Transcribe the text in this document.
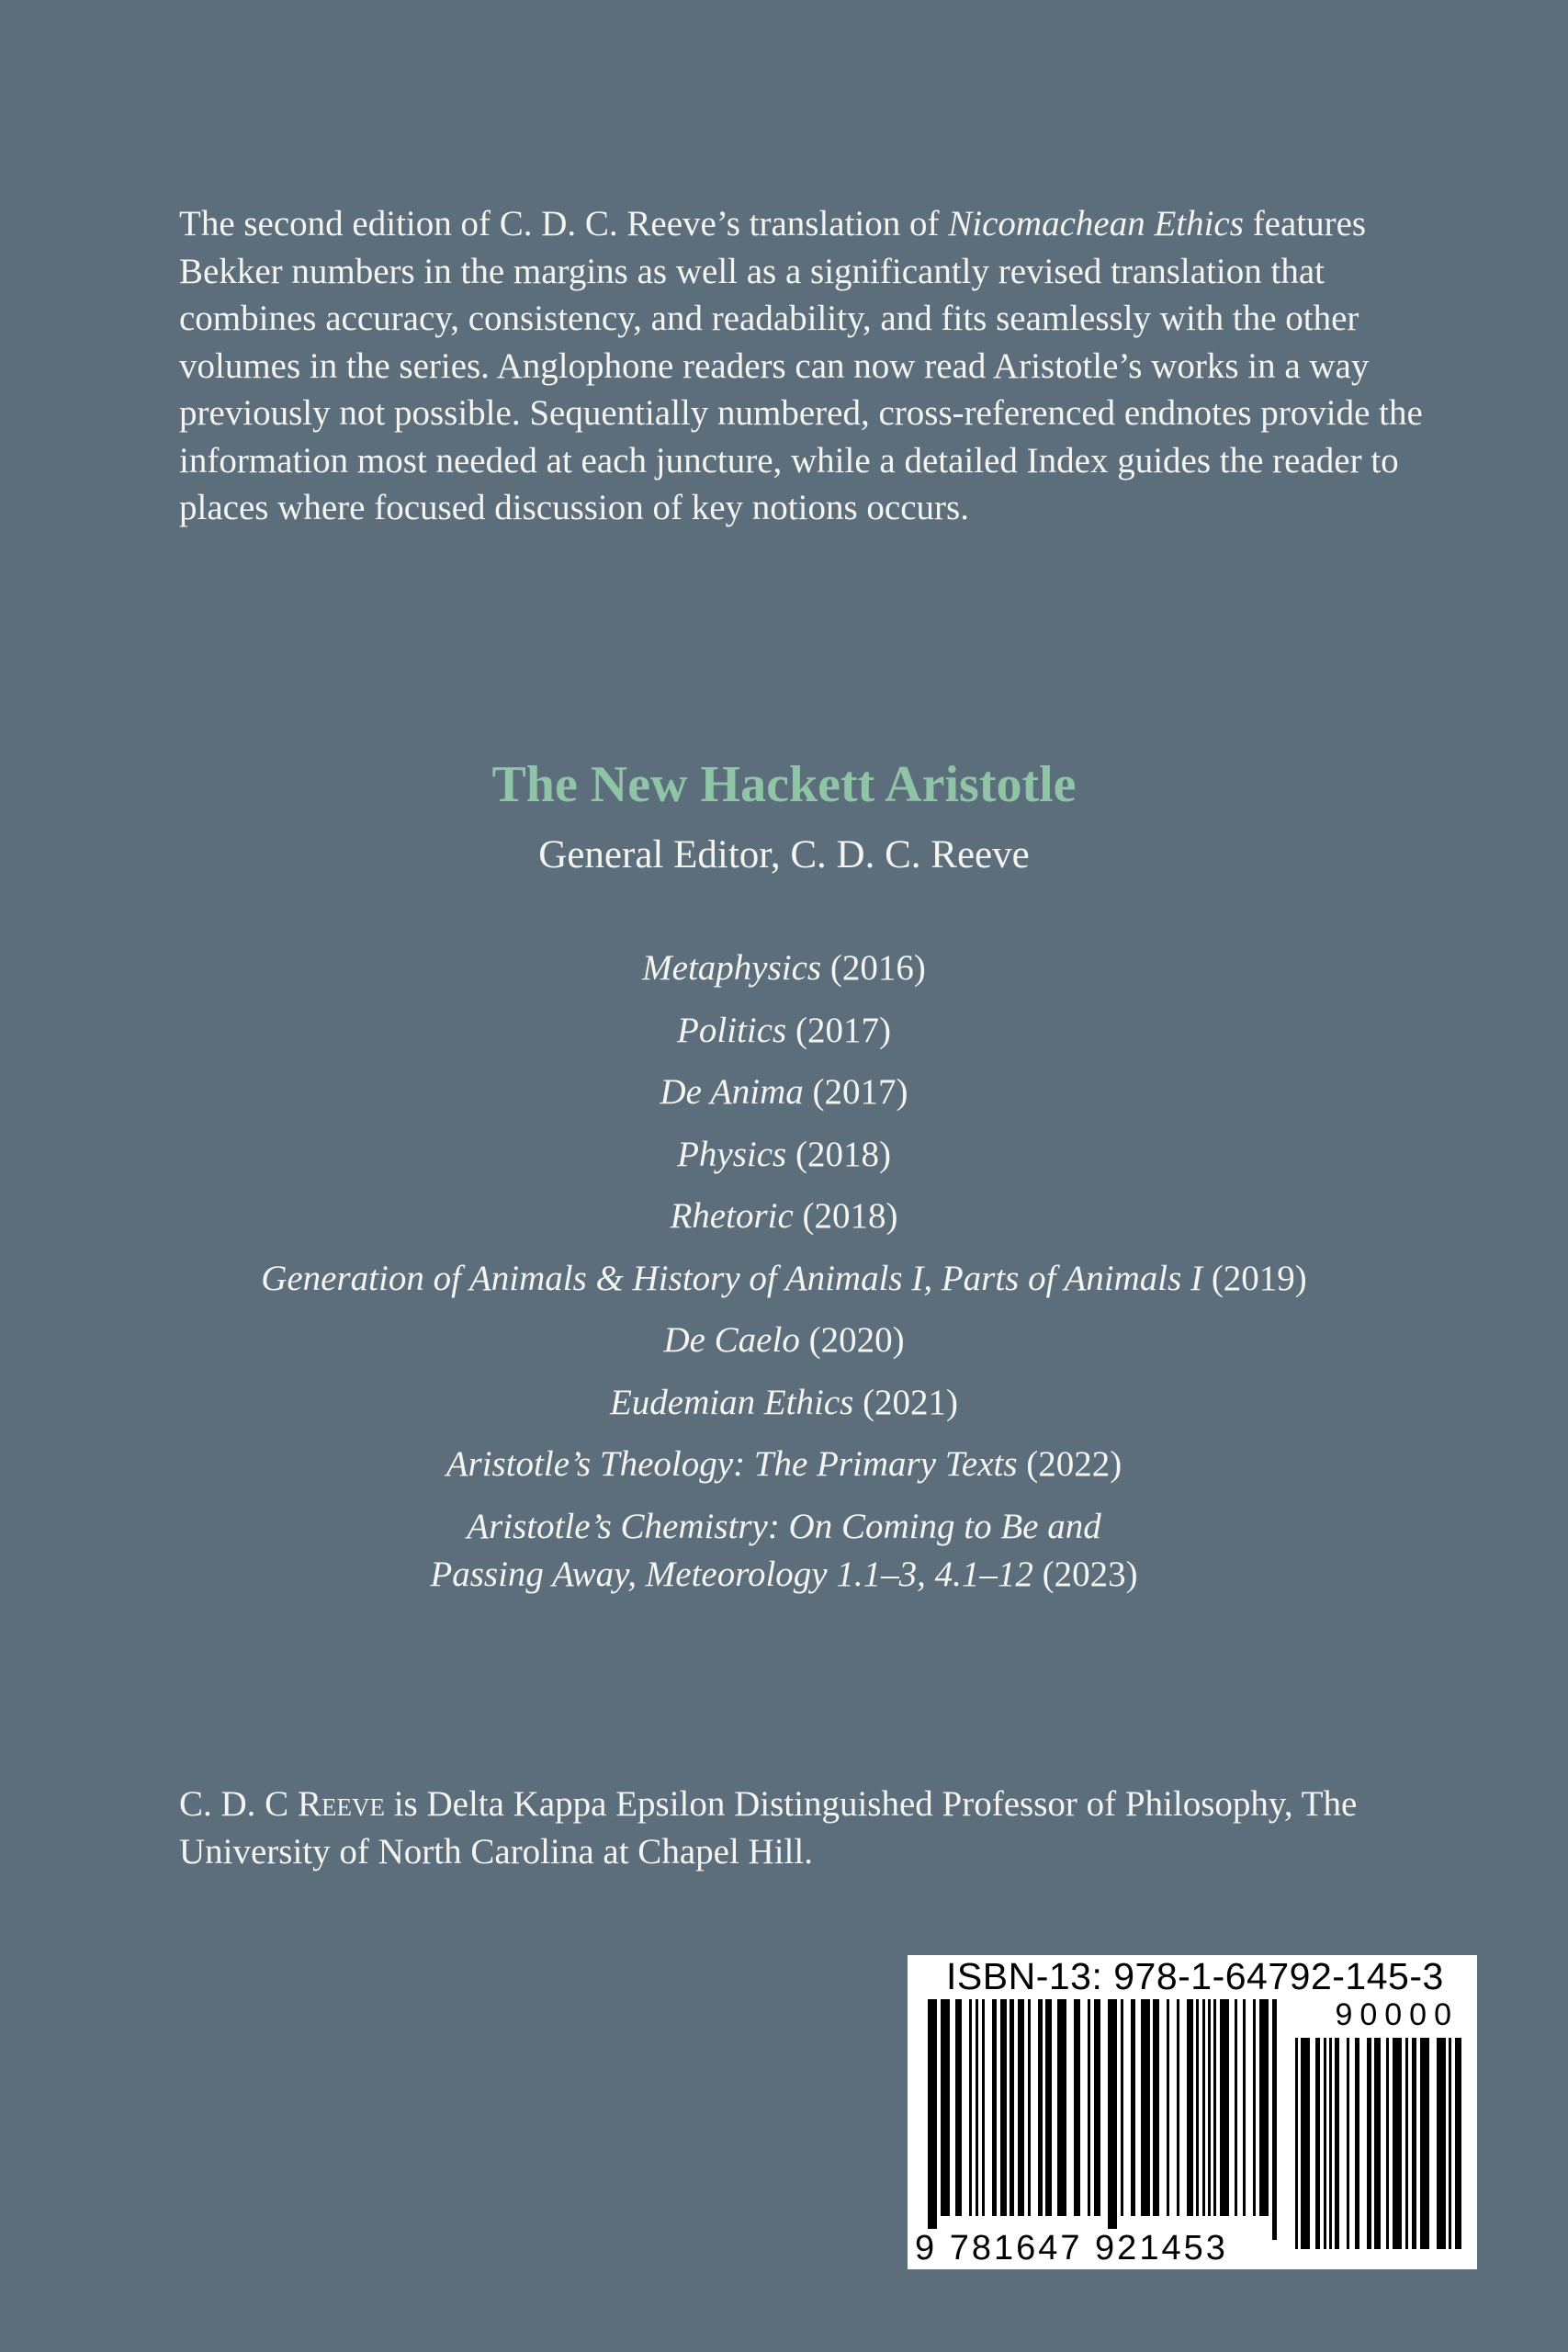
The second edition of C. D. C. Reeve’s translation of Nicomachean Ethics features Bekker numbers in the margins as well as a significantly revised translation that combines accuracy, consistency, and readability, and fits seamlessly with the other volumes in the series. Anglophone readers can now read Aristotle’s works in a way previously not possible. Sequentially numbered, cross-referenced endnotes provide the information most needed at each juncture, while a detailed Index guides the reader to places where focused discussion of key notions occurs.
The New Hackett Aristotle
General Editor, C. D. C. Reeve
Metaphysics (2016)
Politics (2017)
De Anima (2017)
Physics (2018)
Rhetoric (2018)
Generation of Animals & History of Animals I, Parts of Animals I (2019)
De Caelo (2020)
Eudemian Ethics (2021)
Aristotle’s Theology: The Primary Texts (2022)
Aristotle’s Chemistry: On Coming to Be and
Passing Away, Meteorology 1.1–3, 4.1–12 (2023)
C. D. C Reeve is Delta Kappa Epsilon Distinguished Professor of Philosophy, The University of North Carolina at Chapel Hill.
ISBN-13: 978-1-64792-145-3
90000
9 781647 921453
